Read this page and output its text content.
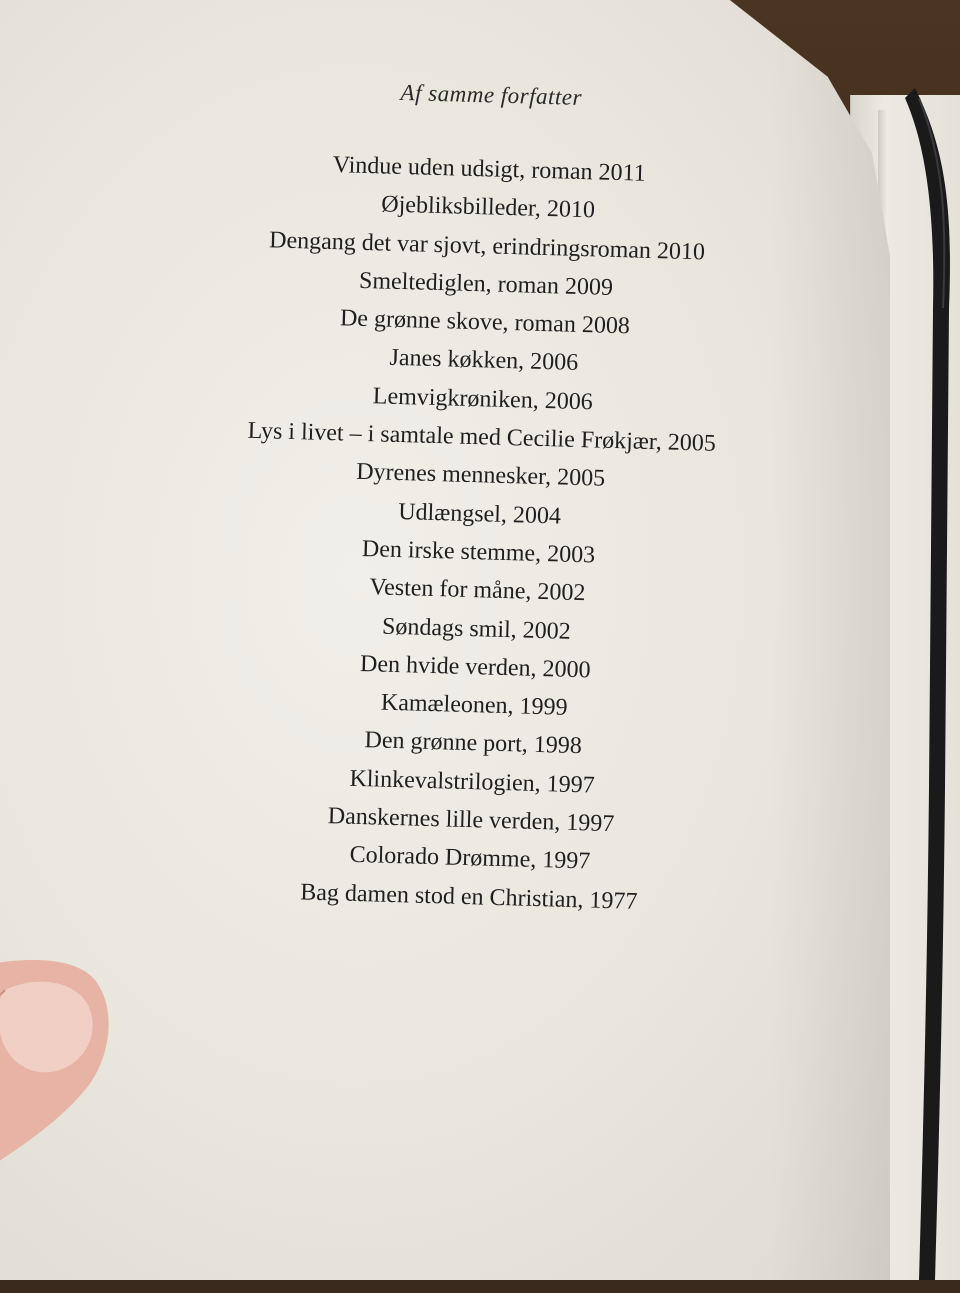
Af samme forfatter
Vindue uden udsigt, roman 2011
Øjebliksbilleder, 2010
Dengang det var sjovt, erindringsroman 2010
Smeltediglen, roman 2009
De grønne skove, roman 2008
Janes køkken, 2006
Lemvigkrøniken, 2006
Lys i livet – i samtale med Cecilie Frøkjær, 2005
Dyrenes mennesker, 2005
Udlængsel, 2004
Den irske stemme, 2003
Vesten for måne, 2002
Søndags smil, 2002
Den hvide verden, 2000
Kamæleonen, 1999
Den grønne port, 1998
Klinkevalstrilogien, 1997
Danskernes lille verden, 1997
Colorado Drømme, 1997
Bag damen stod en Christian, 1977
